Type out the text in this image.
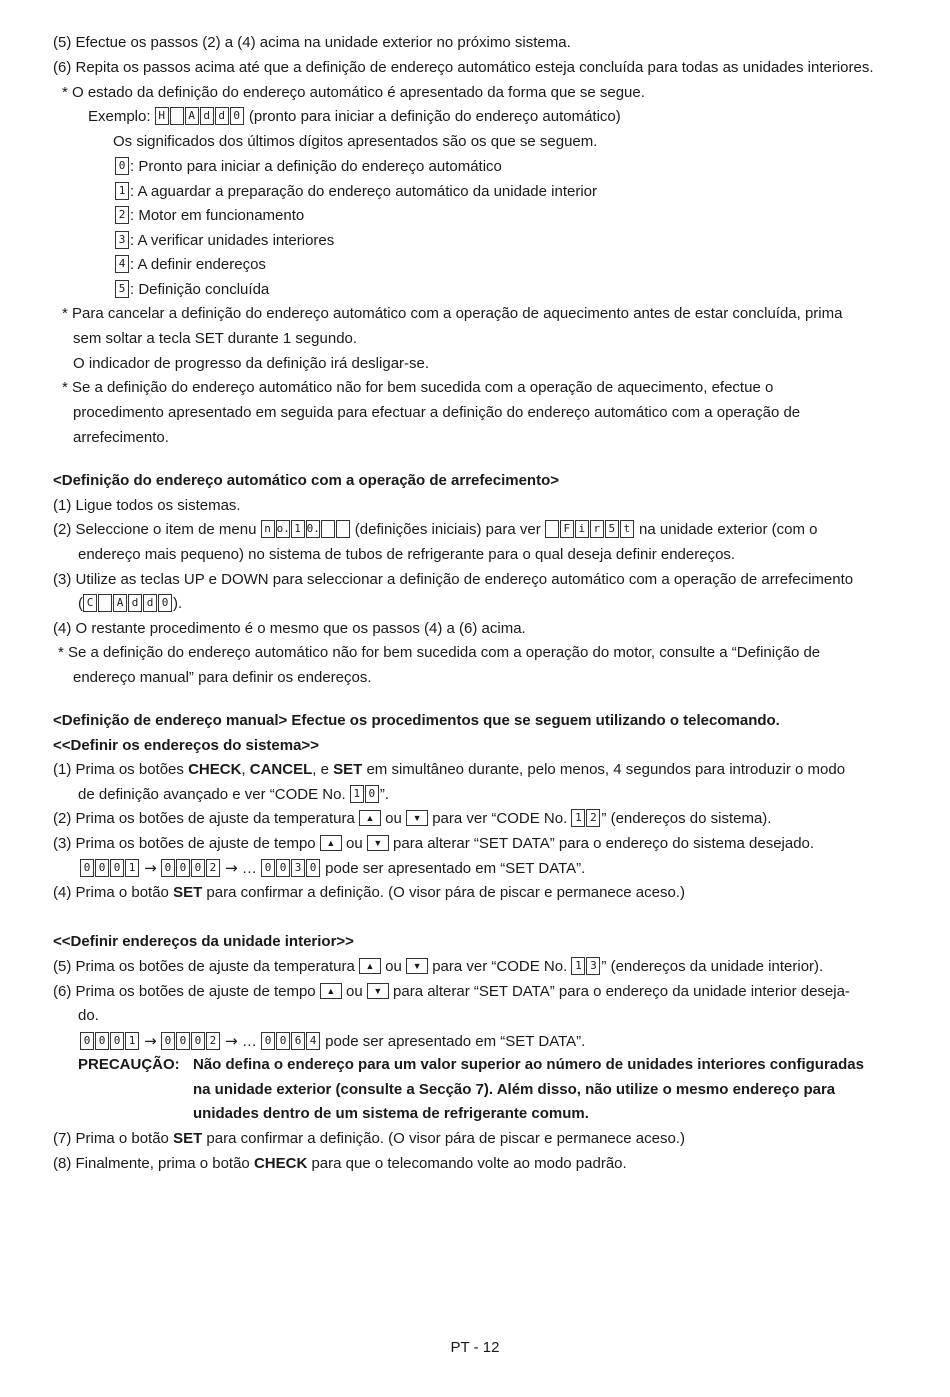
(5) Efectue os passos (2) a (4) acima na unidade exterior no próximo sistema.
(6) Repita os passos acima até que a definição de endereço automático esteja concluída para todas as unidades interiores.
* O estado da definição do endereço automático é apresentado da forma que se segue.
Exemplo: H	A d d 0 (pronto para iniciar a definição do endereço automático)
Os significados dos últimos dígitos apresentados são os que se seguem.
0 : Pronto para iniciar a definição do endereço automático
1 : A aguardar a preparação do endereço automático da unidade interior
2 : Motor em funcionamento
3 : A verificar unidades interiores
4 : A definir endereços
5 : Definição concluída
* Para cancelar a definição do endereço automático com a operação de aquecimento antes de estar concluída, prima
sem soltar a tecla SET durante 1 segundo.
O indicador de progresso da definição irá desligar-se.
* Se a definição do endereço automático não for bem sucedida com a operação de aquecimento, efectue o
procedimento apresentado em seguida para efectuar a definição do endereço automático com a operação de
arrefecimento.
<Definição do endereço automático com a operação de arrefecimento>
(1) Ligue todos os sistemas.
(2) Seleccione o item de menu n o. 1 0. (definições iniciais) para ver	F i r 5 t na unidade exterior (com o
endereço mais pequeno) no sistema de tubos de refrigerante para o qual deseja definir endereços.
(3) Utilize as teclas UP e DOWN para seleccionar a definição de endereço automático com a operação de arrefecimento
( C	A d d 0 ).
(4) O restante procedimento é o mesmo que os passos (4) a (6) acima.
* Se a definição do endereço automático não for bem sucedida com a operação do motor, consulte a “Definição de
endereço manual” para definir os endereços.
<Definição de endereço manual> Efectue os procedimentos que se seguem utilizando o telecomando.
<<Definir os endereços do sistema>>
(1) Prima os botões CHECK, CANCEL, e SET em simultâneo durante, pelo menos, 4 segundos para introduzir o modo
de definição avançado e ver “CODE No. 1 0 ”.
(2) Prima os botões de ajuste da temperatura ▲ ou ▼ para ver “CODE No. 1 2 ” (endereços do sistema).
(3) Prima os botões de ajuste de tempo ▲ ou ▼ para alterar “SET DATA” para o endereço do sistema desejado.
0 0 0 1 → 0 0 0 2 → … 0 0 3 0 pode ser apresentado em “SET DATA”.
(4) Prima o botão SET para confirmar a definição. (O visor pára de piscar e permanece aceso.)
<<Definir endereços da unidade interior>>
(5) Prima os botões de ajuste da temperatura ▲ ou ▼ para ver “CODE No. 1 3 ” (endereços da unidade interior).
(6) Prima os botões de ajuste de tempo ▲ ou ▼ para alterar “SET DATA” para o endereço da unidade interior deseja-
do.
0 0 0 1 → 0 0 0 2 → … 0 0 6 4 pode ser apresentado em “SET DATA”.
PRECAUÇÃO: Não defina o endereço para um valor superior ao número de unidades interiores configuradas
na unidade exterior (consulte a Secção 7). Além disso, não utilize o mesmo endereço para
unidades dentro de um sistema de refrigerante comum.
(7) Prima o botão SET para confirmar a definição. (O visor pára de piscar e permanece aceso.)
(8) Finalmente, prima o botão CHECK para que o telecomando volte ao modo padrão.
PT - 12
